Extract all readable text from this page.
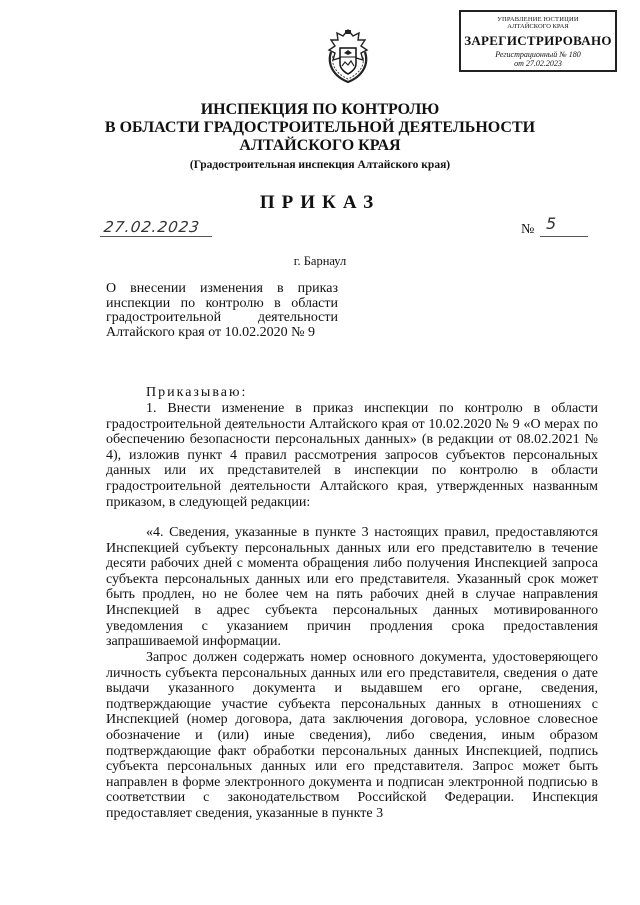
УПРАВЛЕНИЕ ЮСТИЦИИ
АЛТАЙСКОГО КРАЯ
ЗАРЕГИСТРИРОВАНО
Регистрационный № 180
от 27.02.2023
ИНСПЕКЦИЯ ПО КОНТРОЛЮ
В ОБЛАСТИ ГРАДОСТРОИТЕЛЬНОЙ ДЕЯТЕЛЬНОСТИ
АЛТАЙСКОГО КРАЯ
(Градостроительная инспекция Алтайского края)
ПРИКАЗ
27.02.2023	№ 5
г. Барнаул

О внесении изменения в приказ инспекции по контролю в области градостроительной деятельности Алтайского края от 10.02.2020 № 9

Приказываю:

1. Внести изменение в приказ инспекции по контролю в области градостроительной деятельности Алтайского края от 10.02.2020 № 9 «О мерах по обеспечению безопасности персональных данных» (в редакции от 08.02.2021 № 4), изложив пункт 4 правил рассмотрения запросов субъектов персональных данных или их представителей в инспекции по контролю в области градостроительной деятельности Алтайского края, утвержденных названным приказом, в следующей редакции:

«4. Сведения, указанные в пункте 3 настоящих правил, предоставляются Инспекцией субъекту персональных данных или его представителю в течение десяти рабочих дней с момента обращения либо получения Инспекцией запроса субъекта персональных данных или его представителя. Указанный срок может быть продлен, но не более чем на пять рабочих дней в случае направления Инспекцией в адрес субъекта персональных данных мотивированного уведомления с указанием причин продления срока предоставления запрашиваемой информации.

Запрос должен содержать номер основного документа, удостоверяющего личность субъекта персональных данных или его представителя, сведения о дате выдачи указанного документа и выдавшем его органе, сведения, подтверждающие участие субъекта персональных данных в отношениях с Инспекцией (номер договора, дата заключения договора, условное словесное обозначение и (или) иные сведения), либо сведения, иным образом подтверждающие факт обработки персональных данных Инспекцией, подпись субъекта персональных данных или его представителя. Запрос может быть направлен в форме электронного документа и подписан электронной подписью в соответствии с законодательством Российской Федерации. Инспекция предоставляет сведения, указанные в пункте 3
